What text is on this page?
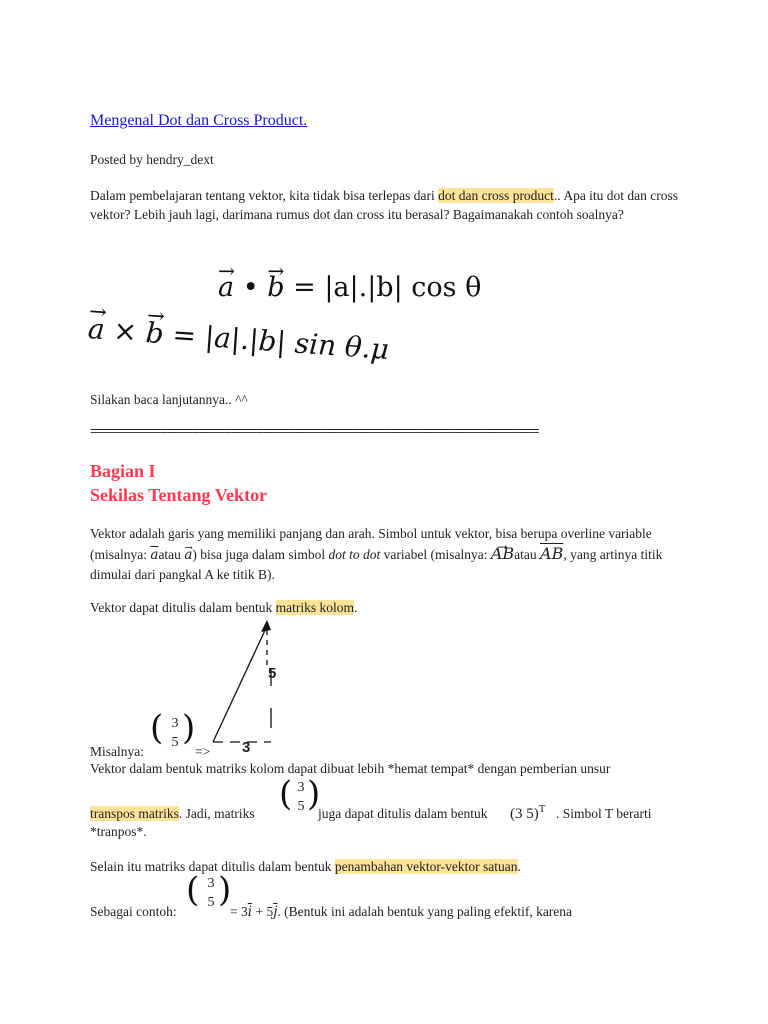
Mengenal Dot dan Cross Product.

Posted by hendry_dext

Dalam pembelajaran tentang vektor, kita tidak bisa terlepas dari dot dan cross product.. Apa itu dot dan cross vektor? Lebih jauh lagi, darimana rumus dot dan cross itu berasal? Bagaimanakah contoh soalnya?

→ a • → b = |a|.|b| cos θ
→ a × → b = |a|.|b| sin θ.μ

Silakan baca lanjutannya.. ^^

======================================================================
Bagian I
Sekilas Tentang Vektor

Vektor adalah garis yang memiliki panjang dan arah. Simbol untuk vektor, bisa berupa overline variable (misalnya: $\overline{a}atau \to a$) bisa juga dalam simbol dot to dot variabel (misalnya: → ABatau $\overline{AB}$, yang artinya titik dimulai dari pangkal A ke titik B).

Vektor dapat ditulis dalam bentuk matriks kolom.

5
3

Misalnya:

( 3
5 )
=>

Vektor dalam bentuk matriks kolom dapat dibuat lebih *hemat tempat* dengan pemberian unsur

transpos matriks. Jadi, matriks ( 3
5 )
juga dapat ditulis dalam bentuk (3 5)$^T$ . Simbol T berarti

*tranpos*.

Selain itu matriks dapat ditulis dalam bentuk penambahan vektor-vektor satuan.

Sebagai contoh:

( 3
5 )
= $3\overline{i} + 5\overline{j}$. (Bentuk ini adalah bentuk yang paling efektif, karena
